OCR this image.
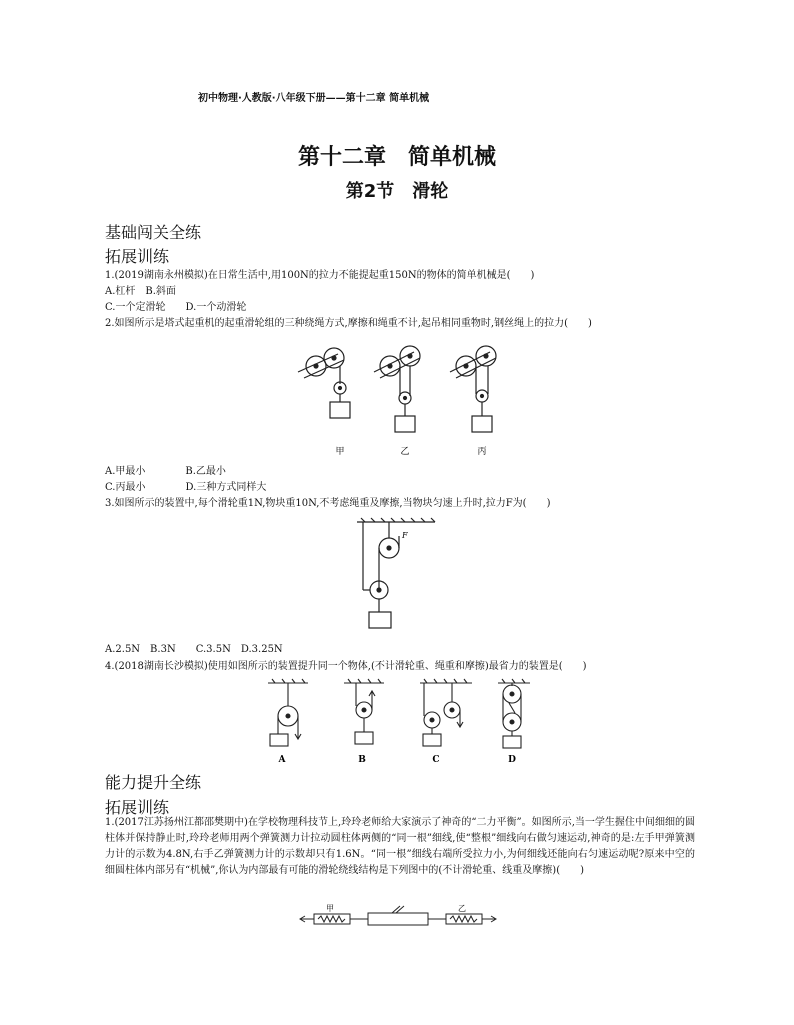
初中物理·人教版·八年级下册——第十二章 简单机械
第十二章　简单机械
第2节　滑轮
基础闯关全练
拓展训练
1.(2019湖南永州模拟)在日常生活中,用100N的拉力不能提起重150N的物体的简单机械是(　　)
A.杠杆　B.斜面
C.一个定滑轮　　D.一个动滑轮
2.如图所示是塔式起重机的起重滑轮组的三种绕绳方式,摩擦和绳重不计,起吊相同重物时,钢丝绳上的拉力(　　)
甲	乙	丙
A.甲最小　　　　B.乙最小
C.丙最小　　　　D.三种方式同样大
3.如图所示的装置中,每个滑轮重1N,物块重10N,不考虑绳重及摩擦,当物块匀速上升时,拉力F为(　　)
F
A.2.5N　B.3N　　C.3.5N　D.3.25N
4.(2018湖南长沙模拟)使用如图所示的装置提升同一个物体,(不计滑轮重、绳重和摩擦)最省力的装置是(　　)
A	B	C	D
能力提升全练
拓展训练
1.(2017江苏扬州江都邵樊期中)在学校物理科技节上,玲玲老师给大家演示了神奇的“二力平衡”。如图所示,当一学生握住中间细细的圆柱体并保持静止时,玲玲老师用两个弹簧测力计拉动圆柱体两侧的“同一根”细线,使“整根”细线向右做匀速运动,神奇的是:左手甲弹簧测力计的示数为4.8N,右手乙弹簧测力计的示数却只有1.6N。“同一根”细线右端所受拉力小,为何细线还能向右匀速运动呢?原来中空的细圆柱体内部另有“机械”,你认为内部最有可能的滑轮绕线结构是下列图中的(不计滑轮重、线重及摩擦)(　　)
甲	乙
